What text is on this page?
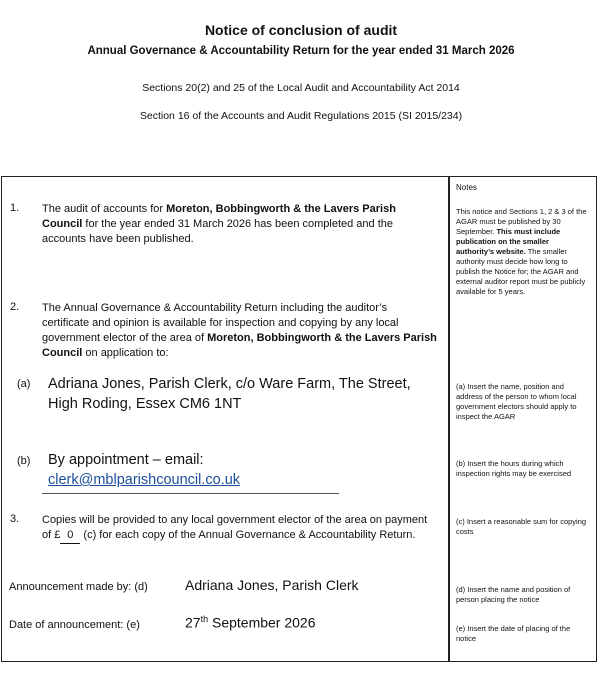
Notice of conclusion of audit
Annual Governance & Accountability Return for the year ended 31 March 2026
Sections 20(2) and 25 of the Local Audit and Accountability Act 2014
Section 16 of the Accounts and Audit Regulations 2015 (SI 2015/234)
1. The audit of accounts for Moreton, Bobbingworth & the Lavers Parish Council for the year ended 31 March 2026 has been completed and the accounts have been published.
2. The Annual Governance & Accountability Return including the auditor’s certificate and opinion is available for inspection and copying by any local government elector of the area of Moreton, Bobbingworth & the Lavers Parish Council on application to:
(a) Adriana Jones, Parish Clerk, c/o Ware Farm, The Street, High Roding, Essex CM6 1NT
(b) By appointment – email:
clerk@mblparishcouncil.co.uk
3. Copies will be provided to any local government elector of the area on payment of £ 0 (c) for each copy of the Annual Governance & Accountability Return.
Announcement made by: (d)	Adriana Jones, Parish Clerk
Date of announcement: (e)	27th September 2026
Notes
This notice and Sections 1, 2 & 3 of the AGAR must be published by 30 September. This must include publication on the smaller authority’s website. The smaller authority must decide how long to publish the Notice for; the AGAR and external auditor report must be publicly available for 5 years.
(a) Insert the name, position and address of the person to whom local government electors should apply to inspect the AGAR
(b) Insert the hours during which inspection rights may be exercised
(c) Insert a reasonable sum for copying costs
(d) Insert the name and position of person placing the notice
(e) Insert the date of placing of the notice
